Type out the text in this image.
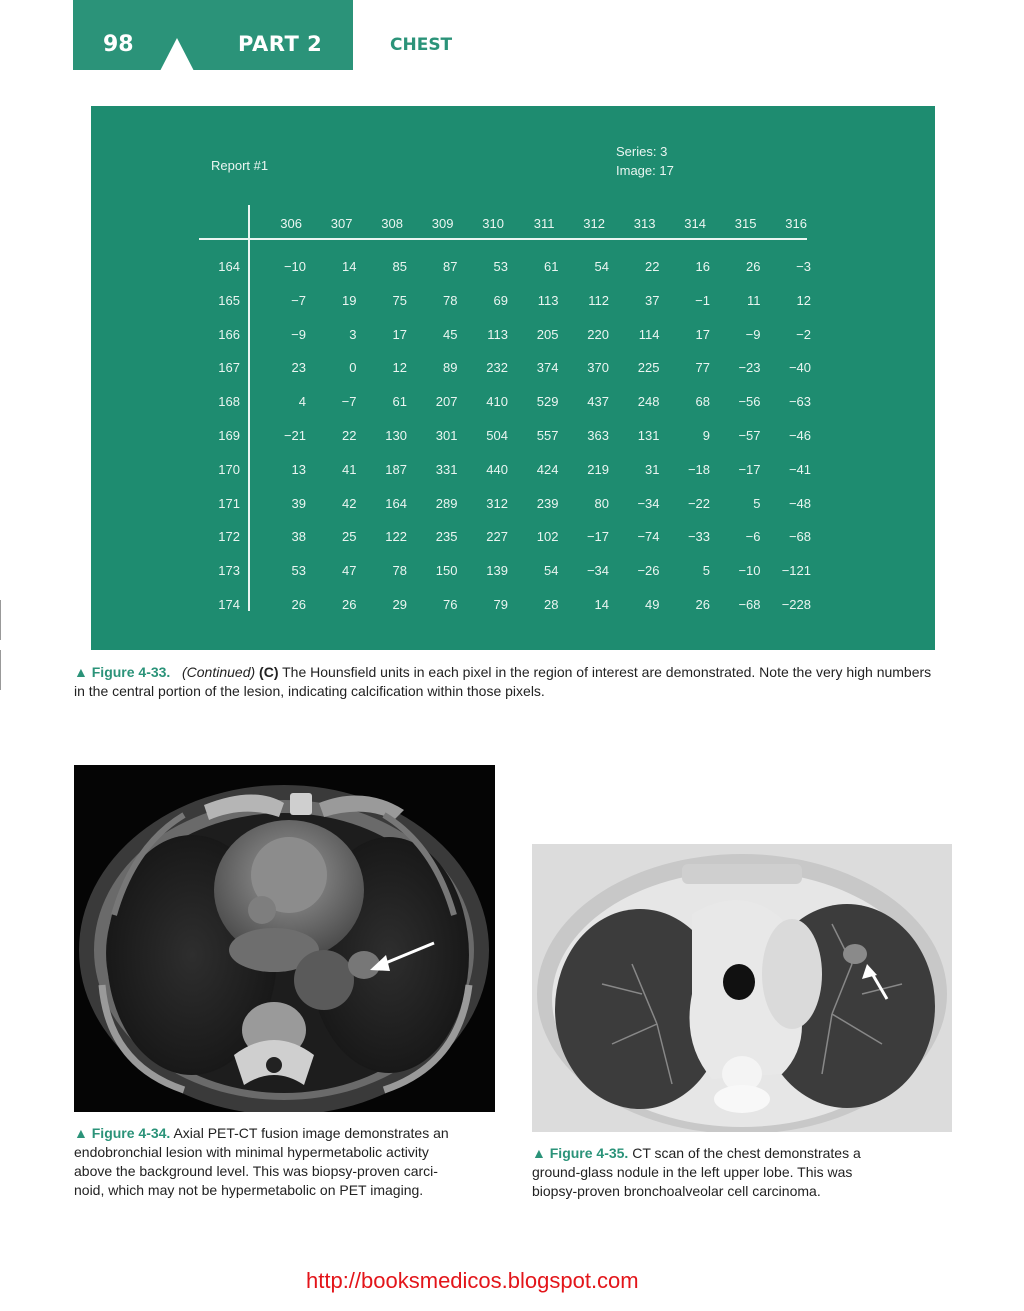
98	PART 2	CHEST
Report #1
Series: 3
Image: 17
306	307	308	309	310	311	312	313	314	315	316
164	−10	14	85	87	53	61	54	22	16	26	−3
165	−7	19	75	78	69	113	112	37	−1	11	12
166	−9	3	17	45	113	205	220	114	17	−9	−2
167	23	0	12	89	232	374	370	225	77	−23	−40
168	4	−7	61	207	410	529	437	248	68	−56	−63
169	−21	22	130	301	504	557	363	131	9	−57	−46
170	13	41	187	331	440	424	219	31	−18	−17	−41
171	39	42	164	289	312	239	80	−34	−22	5	−48
172	38	25	122	235	227	102	−17	−74	−33	−6	−68
173	53	47	78	150	139	54	−34	−26	5	−10	−121
174	26	26	29	76	79	28	14	49	26	−68	−228
▲ Figure 4-33. (Continued) (C) The Hounsfield units in each pixel in the region of interest are demonstrated. Note the very high numbers in the central portion of the lesion, indicating calcification within those pixels.
▲ Figure 4-34. Axial PET-CT fusion image demonstrates an
endobronchial lesion with minimal hypermetabolic activity
above the background level. This was biopsy-proven carci-
noid, which may not be hypermetabolic on PET imaging.
▲ Figure 4-35. CT scan of the chest demonstrates a
ground-glass nodule in the left upper lobe. This was
biopsy-proven bronchoalveolar cell carcinoma.
http://booksmedicos.blogspot.com
